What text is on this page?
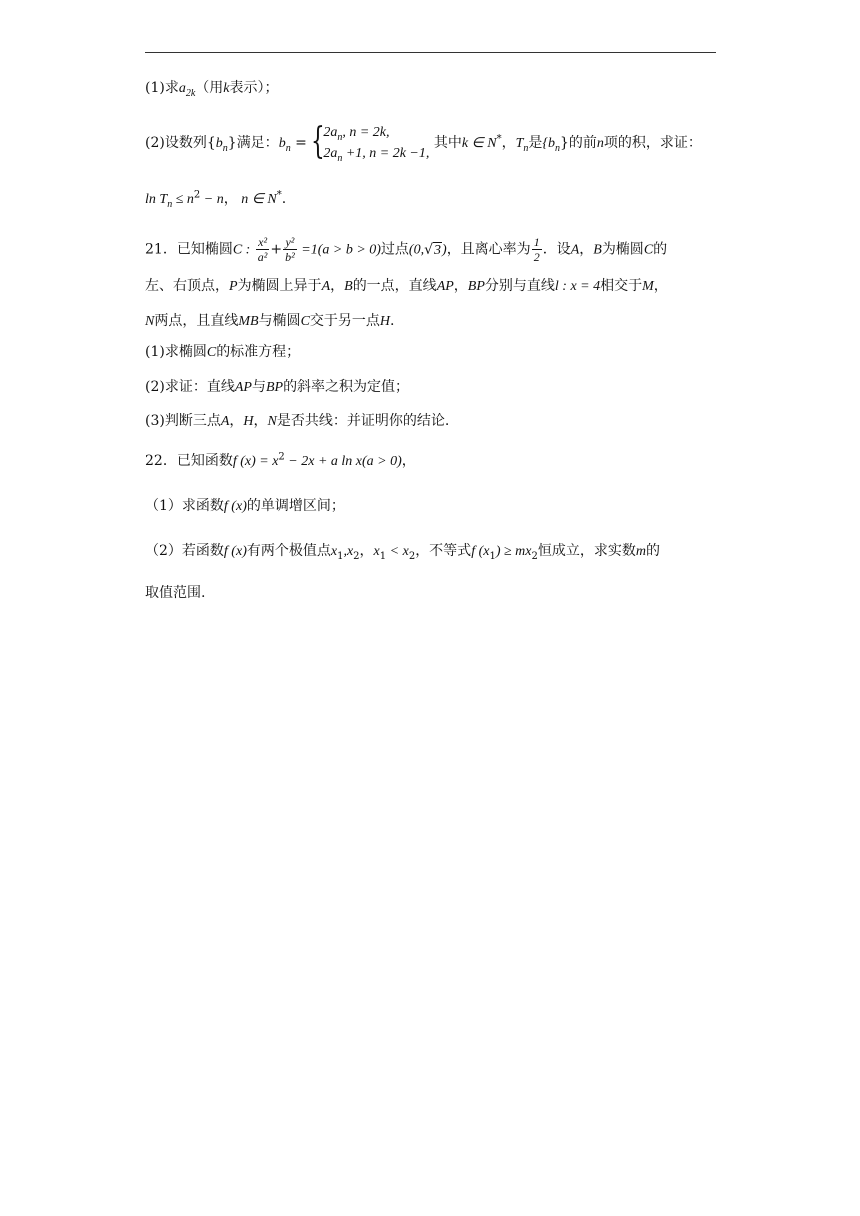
(1)求$a_{2k}$（用k表示）；
(2)设数列$\{b_n\}$满足：$b_n$ = {
$2a_n$, n = 2k,
$2a_n +1$, n = 2k −1,
其中k ∈ N*，$T_n$是$\{b_n\}$的前n项的积，求证：
$\ln T_n \le n^2 - n$， n ∈ N*.
21．已知椭圆C : $\frac{\text{x²}}{\text{a²}} + \frac{\text{y²}}{\text{b²}} =1(a > b > 0)$过点(0,√3)，且离心率为 $\frac{1}{2}$ ．设A，B为椭圆C的
左、右顶点，P为椭圆上异于A，B的一点，直线AP，BP分别与直线l : x = 4相交于M，
N两点，且直线MB与椭圆C交于另一点H.
(1)求椭圆C的标准方程；
(2)求证：直线AP与BP的斜率之积为定值；
(3)判断三点A，H，N是否共线：并证明你的结论.
22．已知函数f $(x) = x^2 - 2x + a$ ln x(a > 0)，
（1）求函数f (x)的单调增区间；
（2）若函数f (x)有两个极值点$x_1,x_2$，$x_1 < x_2$，不等式f $(x_1) \ge mx_2$恒成立，求实数m的
取值范围.
